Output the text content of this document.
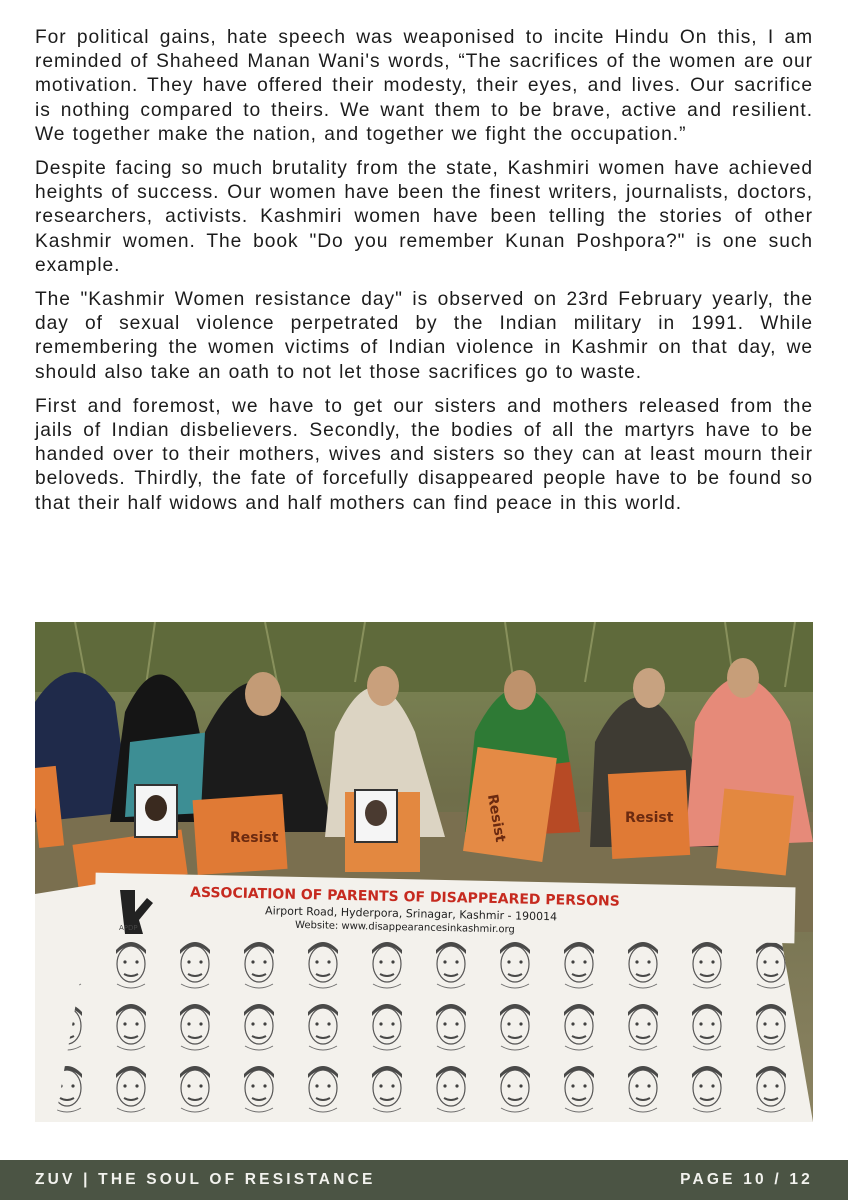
For political gains, hate speech was weaponised to incite Hindu On this, I am reminded of Shaheed Manan Wani's words, “The sacrifices of the women are our motivation. They have offered their modesty, their eyes, and lives. Our sacrifice is nothing compared to theirs. We want them to be brave, active and resilient. We together make the nation, and together we fight the occupation.”

Despite facing so much brutality from the state, Kashmiri women have achieved heights of success. Our women have been the finest writers, journalists, doctors, researchers, activists. Kashmiri women have been telling the stories of other Kashmir women. The book "Do you remember Kunan Poshpora?" is one such example.

The "Kashmir Women resistance day" is observed on 23rd February yearly, the day of sexual violence perpetrated by the Indian military in 1991. While remembering the women victims of Indian violence in Kashmir on that day, we should also take an oath to not let those sacrifices go to waste.

First and foremost, we have to get our sisters and mothers released from the jails of Indian disbelievers. Secondly, the bodies of all the martyrs have to be handed over to their mothers, wives and sisters so they can at least mourn their beloveds. Thirdly, the fate of forcefully disappeared people have to be found so that their half widows and half mothers can find peace in this world.

Resist	Resist	Resist
APDP
ASSOCIATION OF PARENTS OF DISAPPEARED PERSONS
Airport Road, Hyderpora, Srinagar, Kashmir - 190014
Website: www.disappearancesinkashmir.org
ZUV | THE SOUL OF RESISTANCE	PAGE 10 / 12
